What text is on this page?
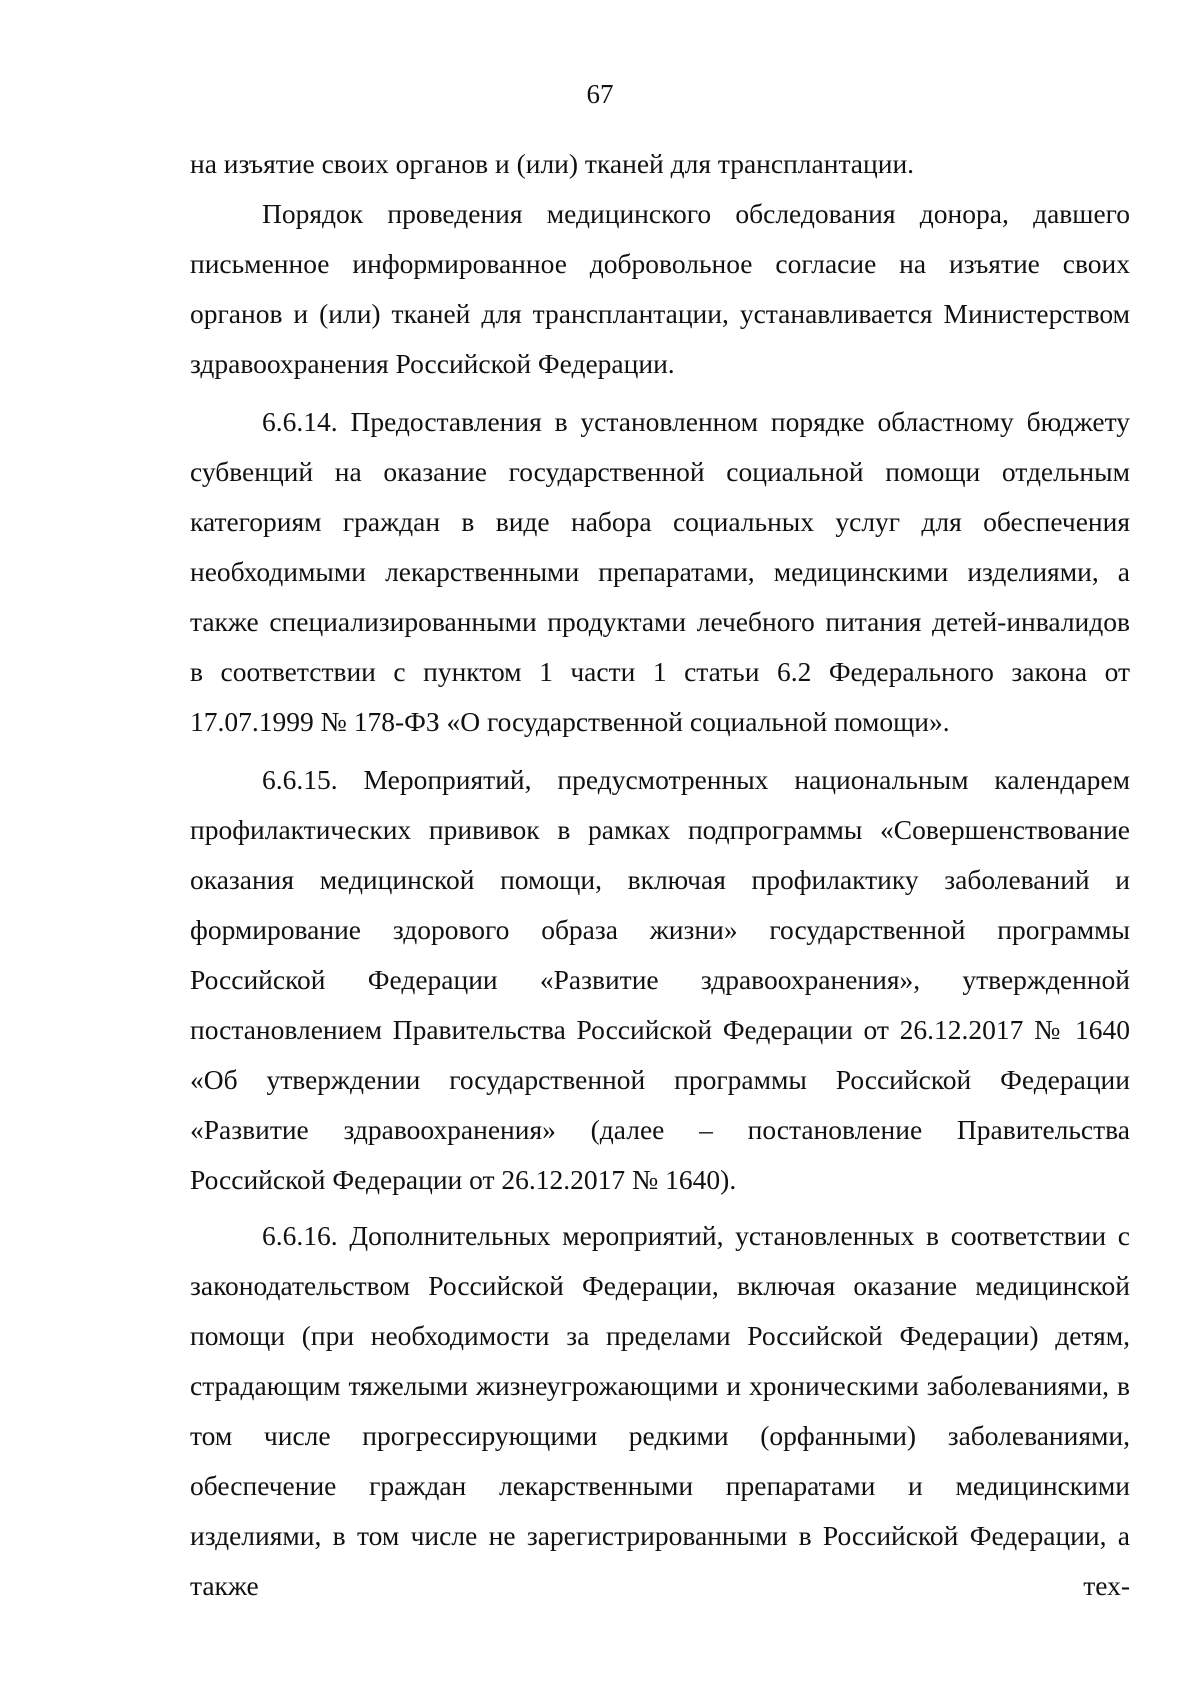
67

на изъятие своих органов и (или) тканей для трансплантации.

Порядок проведения медицинского обследования донора, давшего письменное информированное добровольное согласие на изъятие своих органов и (или) тканей для трансплантации, устанавливается Министерством здравоохранения Российской Федерации.

6.6.14. Предоставления в установленном порядке областному бюджету субвенций на оказание государственной социальной помощи отдельным категориям граждан в виде набора социальных услуг для обеспечения необходимыми лекарственными препаратами, медицинскими изделиями, а также специализированными продуктами лечебного питания детей-инвалидов в соответствии с пунктом 1 части 1 статьи 6.2 Федерального закона от 17.07.1999 № 178-ФЗ «О государственной социальной помощи».

6.6.15. Мероприятий, предусмотренных национальным календарем профилактических прививок в рамках подпрограммы «Совершенствование оказания медицинской помощи, включая профилактику заболеваний и формирование здорового образа жизни» государственной программы Российской Федерации «Развитие здравоохранения», утвержденной постановлением Правительства Российской Федерации от 26.12.2017 № 1640 «Об утверждении государственной программы Российской Федерации «Развитие здравоохранения» (далее – постановление Правительства Российской Федерации от 26.12.2017 № 1640).

6.6.16. Дополнительных мероприятий, установленных в соответствии с законодательством Российской Федерации, включая оказание медицинской помощи (при необходимости за пределами Российской Федерации) детям, страдающим тяжелыми жизнеугрожающими и хроническими заболеваниями, в том числе прогрессирующими редкими (орфанными) заболеваниями, обеспечение граждан лекарственными препаратами и медицинскими изделиями, в том числе не зарегистрированными в Российской Федерации, а также тех-
